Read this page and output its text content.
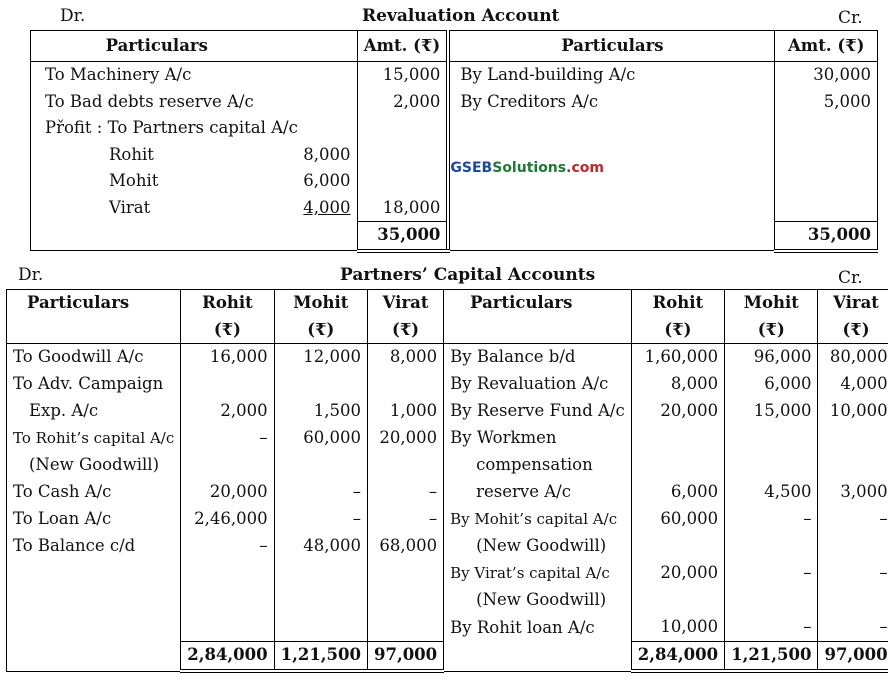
Dr.	Revaluation Account	Cr.
Particulars		Amt. (₹)	Particulars	Amt. (₹)
To Machinery A/c		15,000	By Land-building A/c	30,000
To Bad debts reserve A/c		2,000	By Creditors A/c	5,000
Přofit : To Partners capital A/c				
Rohit	8,000		GSEBSolutions.com	
Mohit	6,000			
Virat	4,000	18,000		
		35,000		35,000
Dr.	Partners’ Capital Accounts	Cr.
Particulars	Rohit	Mohit	Virat	Particulars	Rohit	Mohit	Virat
	(₹)	(₹)	(₹)		(₹)	(₹)	(₹)
To Goodwill A/c	16,000	12,000	8,000	By Balance b/d	1,60,000	96,000	80,000
To Adv. Campaign				By Revaluation A/c	8,000	6,000	4,000
Exp. A/c	2,000	1,500	1,000	By Reserve Fund A/c	20,000	15,000	10,000
To Rohit’s capital A/c	–	60,000	20,000	By Workmen			
(New Goodwill)				compensation			
To Cash A/c	20,000	–	–	reserve A/c	6,000	4,500	3,000
To Loan A/c	2,46,000	–	–	By Mohit’s capital A/c	60,000	–	–
To Balance c/d	–	48,000	68,000	(New Goodwill)			
				By Virat’s capital A/c	20,000	–	–
				(New Goodwill)			
				By Rohit loan A/c	10,000	–	–
	2,84,000	1,21,500	97,000		2,84,000	1,21,500	97,000
